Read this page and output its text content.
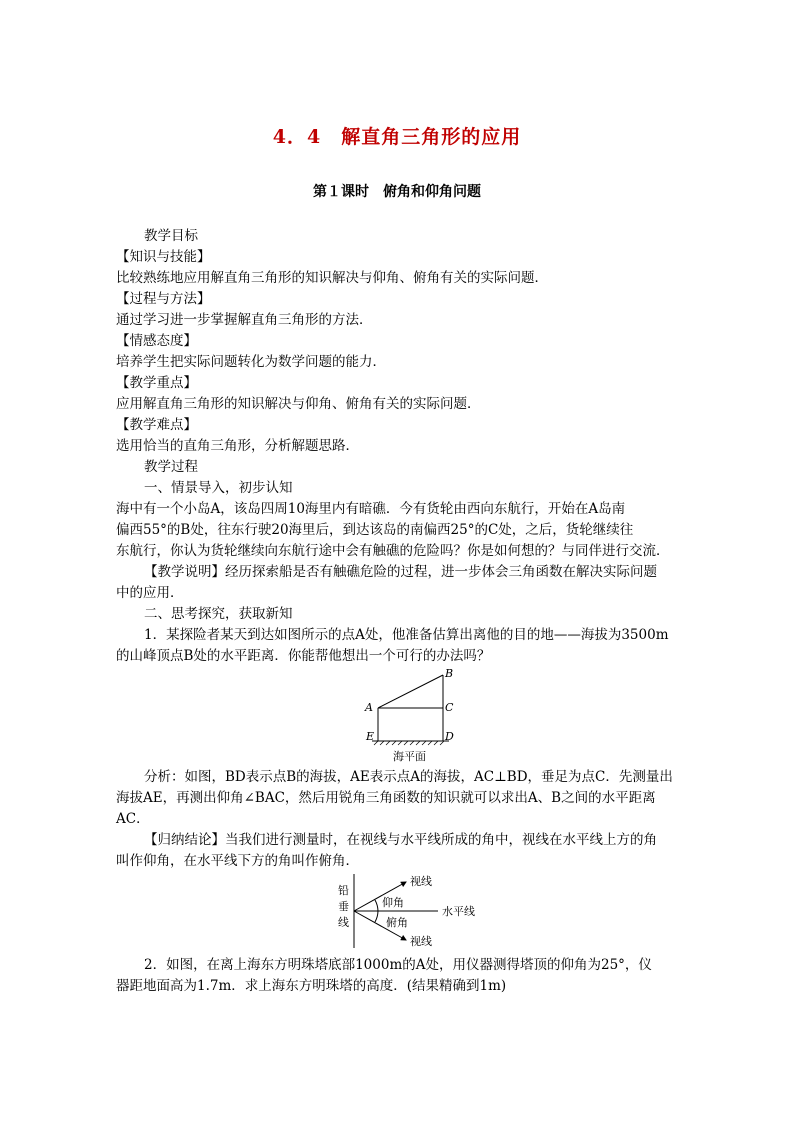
4．4　解直角三角形的应用
第１课时　俯角和仰角问题
教学目标
【知识与技能】
比较熟练地应用解直角三角形的知识解决与仰角、俯角有关的实际问题．
【过程与方法】
通过学习进一步掌握解直角三角形的方法．
【情感态度】
培养学生把实际问题转化为数学问题的能力．
【教学重点】
应用解直角三角形的知识解决与仰角、俯角有关的实际问题．
【教学难点】
选用恰当的直角三角形，分析解题思路．
教学过程
一、情景导入，初步认知
海中有一个小岛A，该岛四周10海里内有暗礁．今有货轮由西向东航行，开始在A岛南
偏西55°的B处，往东行驶20海里后，到达该岛的南偏西25°的C处，之后，货轮继续往
东航行，你认为货轮继续向东航行途中会有触礁的危险吗？你是如何想的？与同伴进行交流．
【教学说明】经历探索船是否有触礁危险的过程，进一步体会三角函数在解决实际问题
中的应用．
二、思考探究，获取新知
1．某探险者某天到达如图所示的点A处，他准备估算出离他的目的地——海拔为3500m
的山峰顶点B处的水平距离．你能帮他想出一个可行的办法吗？
B
A	C
E	D
海平面
分析：如图，BD表示点B的海拔，AE表示点A的海拔，AC⊥BD，垂足为点C．先测量出
海拔AE，再测出仰角∠BAC，然后用锐角三角函数的知识就可以求出A、B之间的水平距离
AC．
【归纳结论】当我们进行测量时，在视线与水平线所成的角中，视线在水平线上方的角
叫作仰角，在水平线下方的角叫作俯角．
铅
垂
线
视线
视线
水平线
仰角
俯角
2．如图，在离上海东方明珠塔底部1000m的A处，用仪器测得塔顶的仰角为25°，仪
器距地面高为1.7m．求上海东方明珠塔的高度．(结果精确到1m)
